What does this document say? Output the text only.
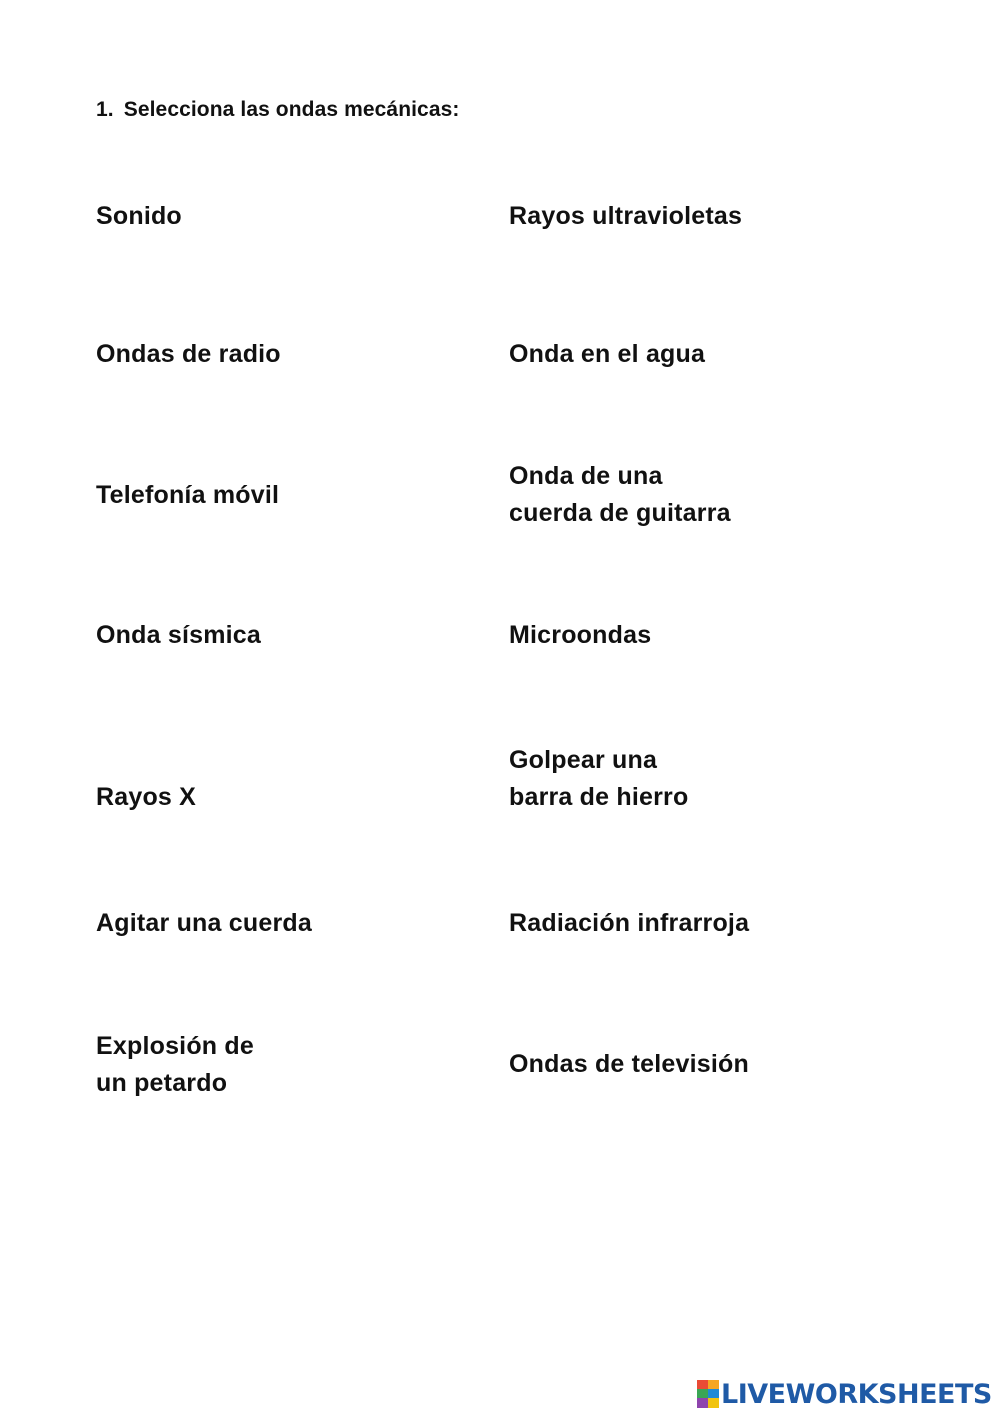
1. Selecciona las ondas mecánicas:
Sonido
Ondas de radio
Telefonía móvil
Onda sísmica
Rayos X
Agitar una cuerda
Explosión de
un petardo
Rayos ultravioletas
Onda en el agua
Onda de una
cuerda de guitarra
Microondas
Golpear una
barra de hierro
Radiación infrarroja
Ondas de televisión
LIVEWORKSHEETS
